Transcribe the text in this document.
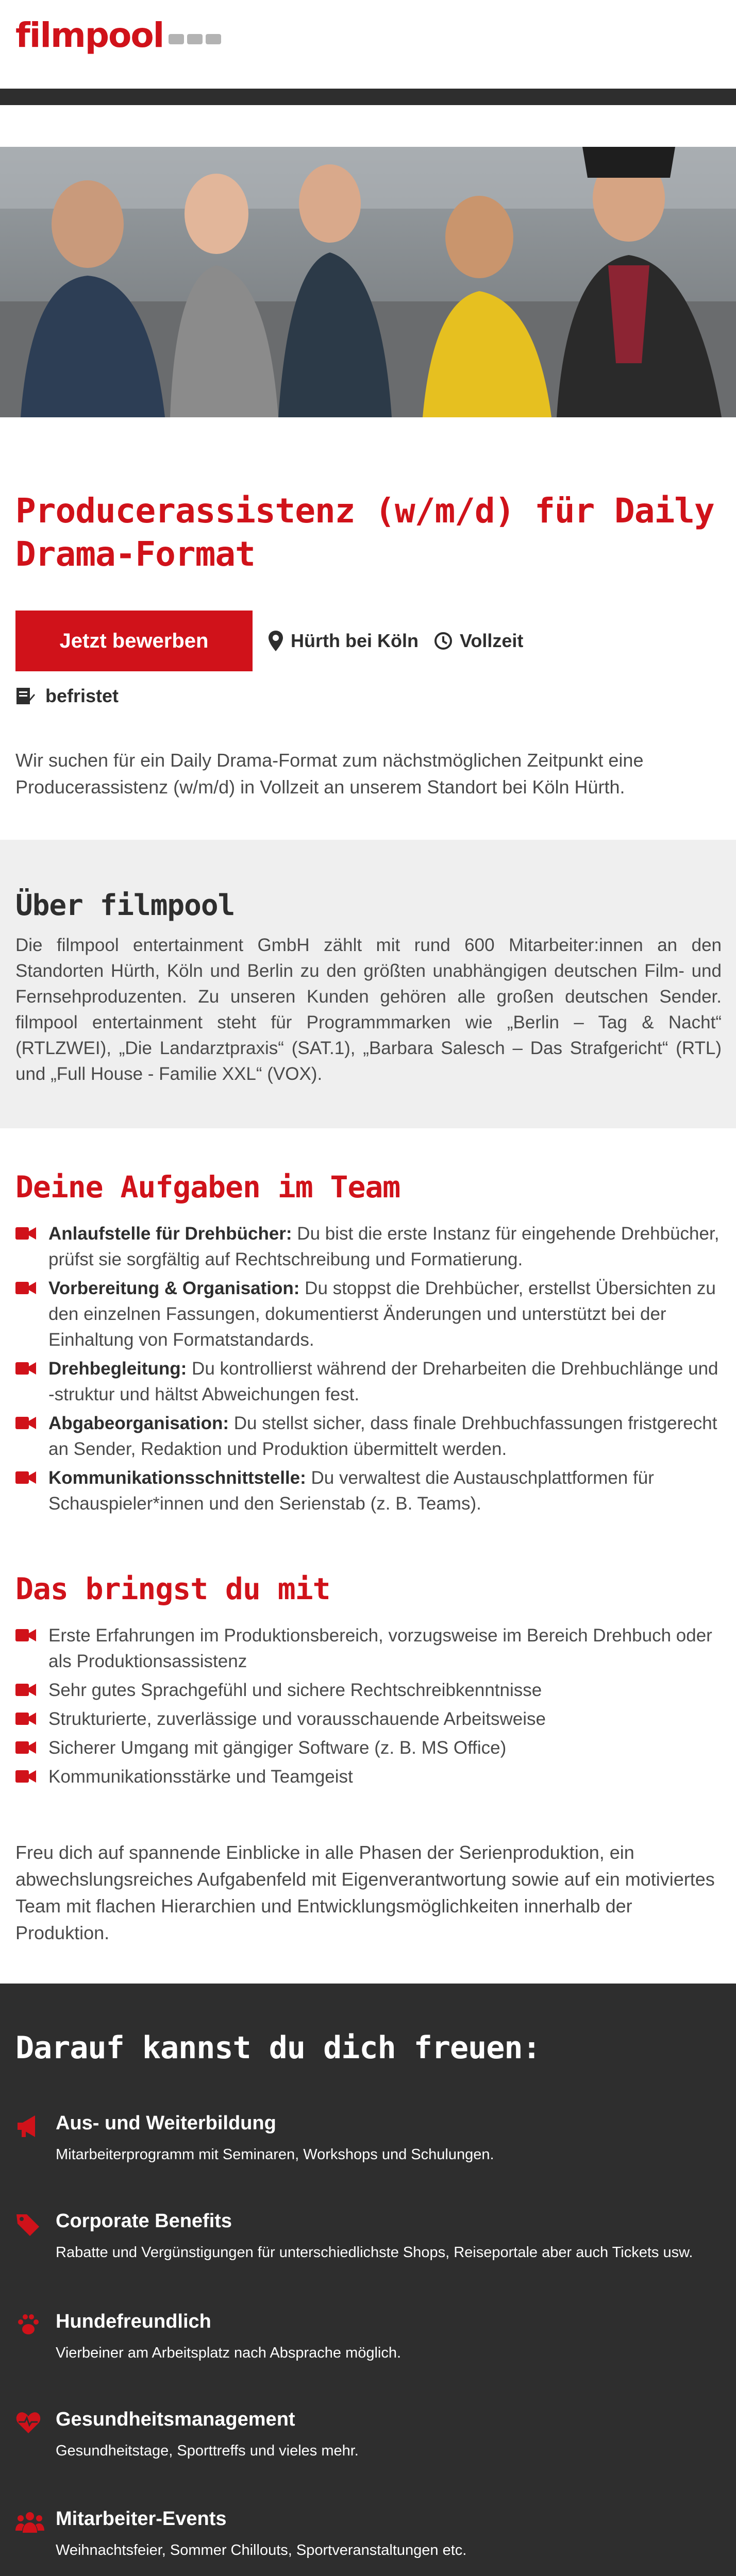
filmpool
Producerassistenz (w/m/d) für Daily Drama-Format
Jetzt bewerben	Hürth bei Köln Vollzeit
befristet

Wir suchen für ein Daily Drama-Format zum nächstmöglichen Zeitpunkt eine Producerassistenz (w/m/d) in Vollzeit an unserem Standort bei Köln Hürth.

Über filmpool

Die filmpool entertainment GmbH zählt mit rund 600 Mitarbeiter:innen an den Standorten Hürth, Köln und Berlin zu den größten unabhängigen deutschen Film- und Fernsehproduzenten. Zu unseren Kunden gehören alle großen deutschen Sender. filmpool entertainment steht für Programmmarken wie „Berlin – Tag & Nacht“ (RTLZWEI), „Die Landarztpraxis“ (SAT.1), „Barbara Salesch – Das Strafgericht“ (RTL) und „Full House - Familie XXL“ (VOX).

Deine Aufgaben im Team
Anlaufstelle für Drehbücher: Du bist die erste Instanz für eingehende Drehbücher, prüfst sie sorgfältig auf Rechtschreibung und Formatierung.
Vorbereitung & Organisation: Du stoppst die Drehbücher, erstellst Übersichten zu den einzelnen Fassungen, dokumentierst Änderungen und unterstützt bei der Einhaltung von Formatstandards.
Drehbegleitung: Du kontrollierst während der Dreharbeiten die Drehbuchlänge und -struktur und hältst Abweichungen fest.
Abgabeorganisation: Du stellst sicher, dass finale Drehbuchfassungen fristgerecht an Sender, Redaktion und Produktion übermittelt werden.
Kommunikationsschnittstelle: Du verwaltest die Austauschplattformen für Schauspieler*innen und den Serienstab (z. B. Teams).
Das bringst du mit
Erste Erfahrungen im Produktionsbereich, vorzugsweise im Bereich Drehbuch oder als Produktionsassistenz
Sehr gutes Sprachgefühl und sichere Rechtschreibkenntnisse
Strukturierte, zuverlässige und vorausschauende Arbeitsweise
Sicherer Umgang mit gängiger Software (z. B. MS Office)
Kommunikationsstärke und Teamgeist

Freu dich auf spannende Einblicke in alle Phasen der Serienproduktion, ein abwechslungsreiches Aufgabenfeld mit Eigenverantwortung sowie auf ein motiviertes Team mit flachen Hierarchien und Entwicklungsmöglichkeiten innerhalb der Produktion.

Darauf kannst du dich freuen:
Aus- und Weiterbildung
Mitarbeiterprogramm mit Seminaren, Workshops und Schulungen.
Corporate Benefits
Rabatte und Vergünstigungen für unterschiedlichste Shops, Reiseportale aber auch Tickets usw.
Hundefreundlich
Vierbeiner am Arbeitsplatz nach Absprache möglich.
Gesundheitsmanagement
Gesundheitstage, Sporttreffs und vieles mehr.
Mitarbeiter-Events
Weihnachtsfeier, Sommer Chillouts, Sportveranstaltungen etc.
